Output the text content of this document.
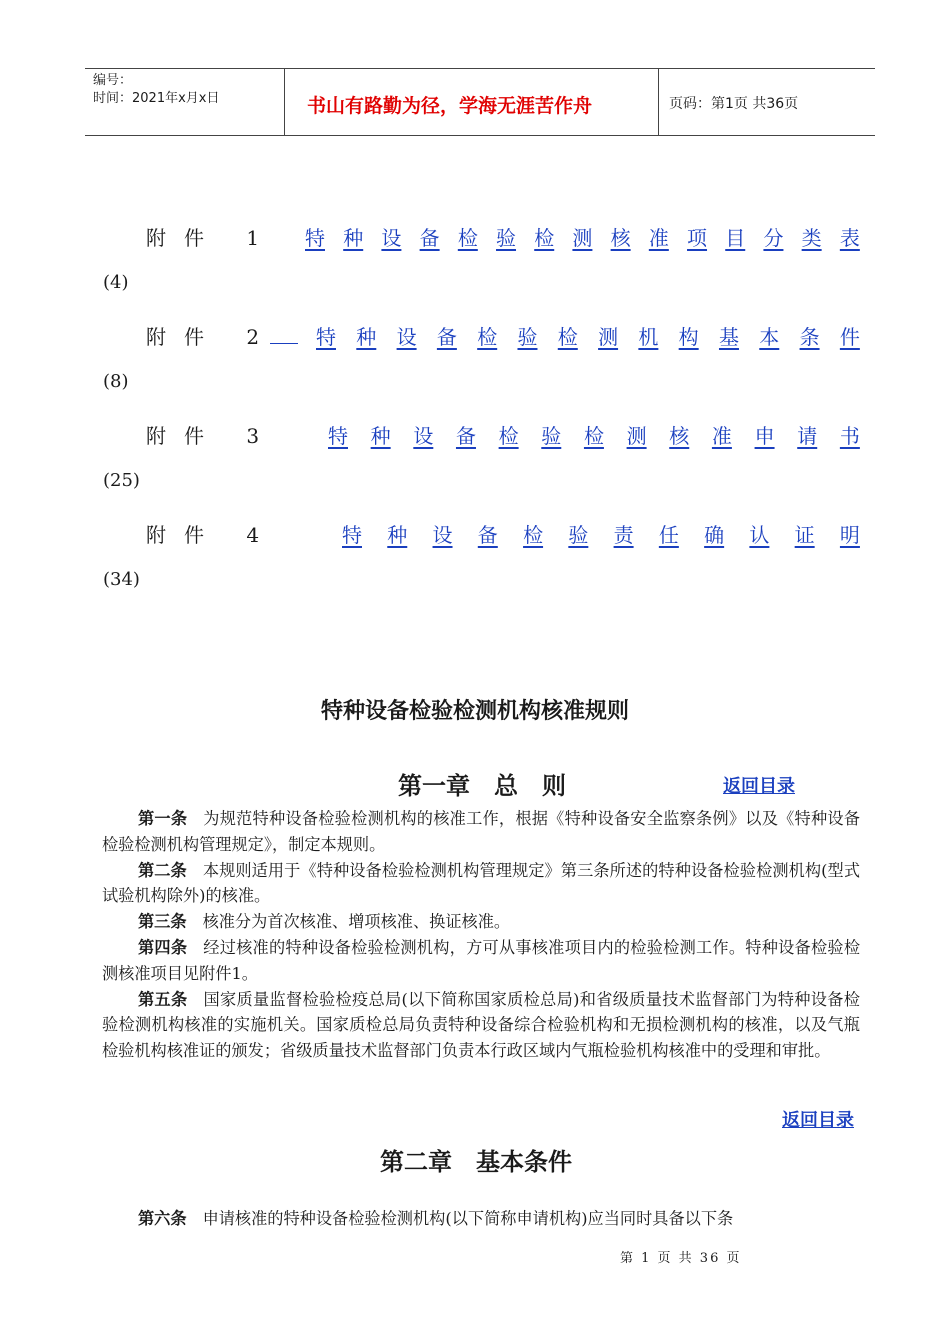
编号：
时间：2021年x月x日	书山有路勤为径，学海无涯苦作舟	页码：第1页 共36页
附件 1 特 种 设 备 检 验 检 测 核 准 项 目 分 类 表
(4)
附件 2 特 种 设 备 检 验 检 测 机 构 基 本 条 件
(8)
附件 3	特 种 设 备 检 验 检 测 核 准 申 请 书
(25)
附件 4	特 种 设 备 检 验 责 任 确 认 证 明
(34)
特种设备检验检测机构核准规则
第一章　总　则	返回目录

第一条 为规范特种设备检验检测机构的核准工作，根据《特种设备安全监察条例》以及《特种设备检验检测机构管理规定》，制定本规则。

第二条 本规则适用于《特种设备检验检测机构管理规定》第三条所述的特种设备检验检测机构(型式试验机构除外)的核准。

第三条 核准分为首次核准、增项核准、换证核准。

第四条 经过核准的特种设备检验检测机构，方可从事核准项目内的检验检测工作。特种设备检验检测核准项目见附件1。

第五条 国家质量监督检验检疫总局(以下简称国家质检总局)和省级质量技术监督部门为特种设备检验检测机构核准的实施机关。国家质检总局负责特种设备综合检验机构和无损检测机构的核准，以及气瓶检验机构核准证的颁发；省级质量技术监督部门负责本行政区域内气瓶检验机构核准中的受理和审批。

返回目录
第二章　基本条件
第六条 申请核准的特种设备检验检测机构(以下简称申请机构)应当同时具备以下条
第 1 页 共 36 页
